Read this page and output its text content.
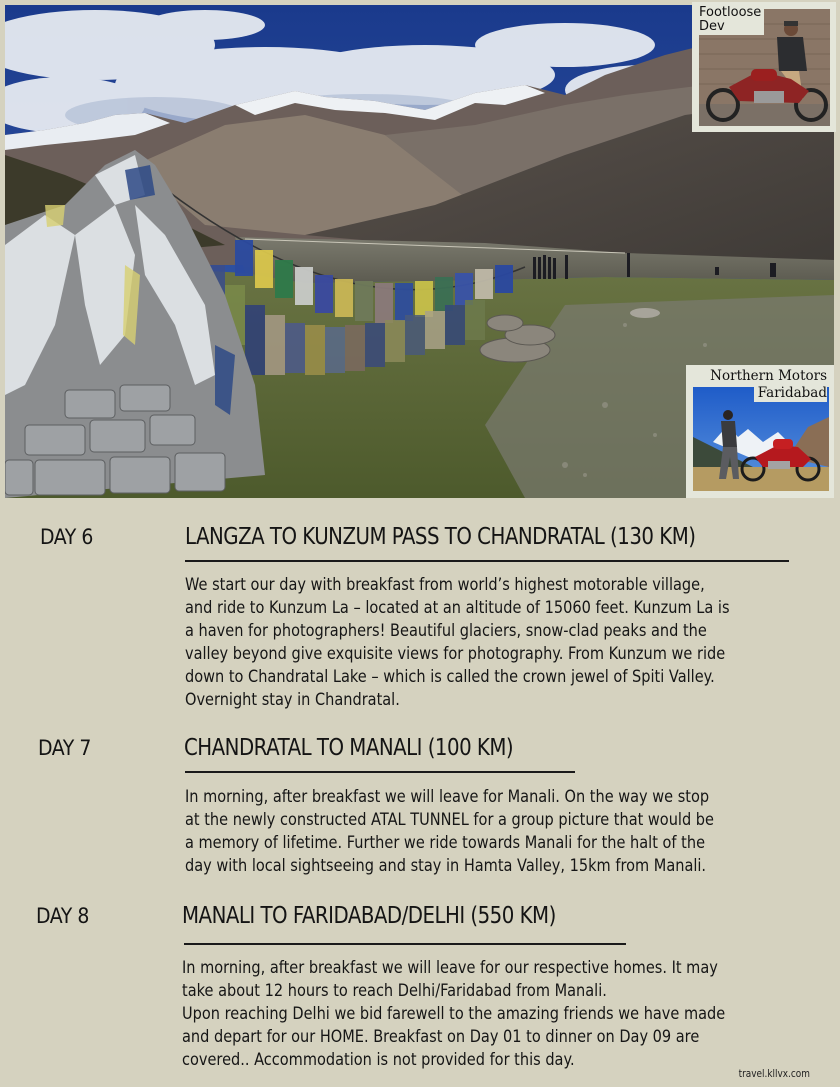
Footloose
Dev
Northern Motors
Faridabad
DAY 6	LANGZA TO KUNZUM PASS TO CHANDRATAL (130 KM)
We start our day with breakfast from world’s highest motorable village,
and ride to Kunzum La – located at an altitude of 15060 feet. Kunzum La is
a haven for photographers! Beautiful glaciers, snow-clad peaks and the
valley beyond give exquisite views for photography. From Kunzum we ride
down to Chandratal Lake – which is called the crown jewel of Spiti Valley.
Overnight stay in Chandratal.
DAY 7	CHANDRATAL TO MANALI (100 KM)
In morning, after breakfast we will leave for Manali. On the way we stop
at the newly constructed ATAL TUNNEL for a group picture that would be
a memory of lifetime. Further we ride towards Manali for the halt of the
day with local sightseeing and stay in Hamta Valley, 15km from Manali.
DAY 8	MANALI TO FARIDABAD/DELHI (550 KM)
In morning, after breakfast we will leave for our respective homes. It may
take about 12 hours to reach Delhi/Faridabad from Manali.
Upon reaching Delhi we bid farewell to the amazing friends we have made
and depart for our HOME. Breakfast on Day 01 to dinner on Day 09 are
covered.. Accommodation is not provided for this day.
travel.kllvx.com
